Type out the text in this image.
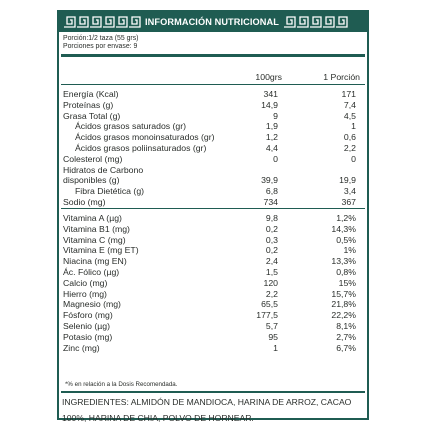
INFORMACIÓN NUTRICIONAL
Porción:1/2 taza (55 grs)
Porciones por envase: 9
100grs	1 Porción
Energía (Kcal)	341	171
Proteínas (g)	14,9	7,4
Grasa Total (g)	9	4,5
Ácidos grasos saturados (gr)	1,9	1
Ácidos grasos monoinsaturados (gr)	1,2	0,6
Ácidos grasos poliinsaturados (gr)	4,4	2,2
Colesterol (mg)	0	0
Hidratos de Carbono
disponibles (g)	39,9	19,9
Fibra Dietética (g)	6,8	3,4
Sodio (mg)	734	367
Vitamina A (µg)	9,8	1,2%
Vitamina B1 (mg)	0,2	14,3%
Vitamina C (mg)	0,3	0,5%
Vitamina E (mg ET)	0,2	1%
Niacina (mg EN)	2,4	13,3%
Ác. Fólico (µg)	1,5	0,8%
Calcio (mg)	120	15%
Hierro (mg)	2,2	15,7%
Magnesio (mg)	65,5	21,8%
Fósforo (mg)	177,5	22,2%
Selenio (µg)	5,7	8,1%
Potasio (mg)	95	2,7%
Zinc (mg)	1	6,7%
*% en relación a la Dosis Recomendada.
INGREDIENTES: ALMIDÓN DE MANDIOCA, HARINA DE ARROZ, CACAO 100%, HARINA DE CHIA, POLVO DE HORNEAR.
